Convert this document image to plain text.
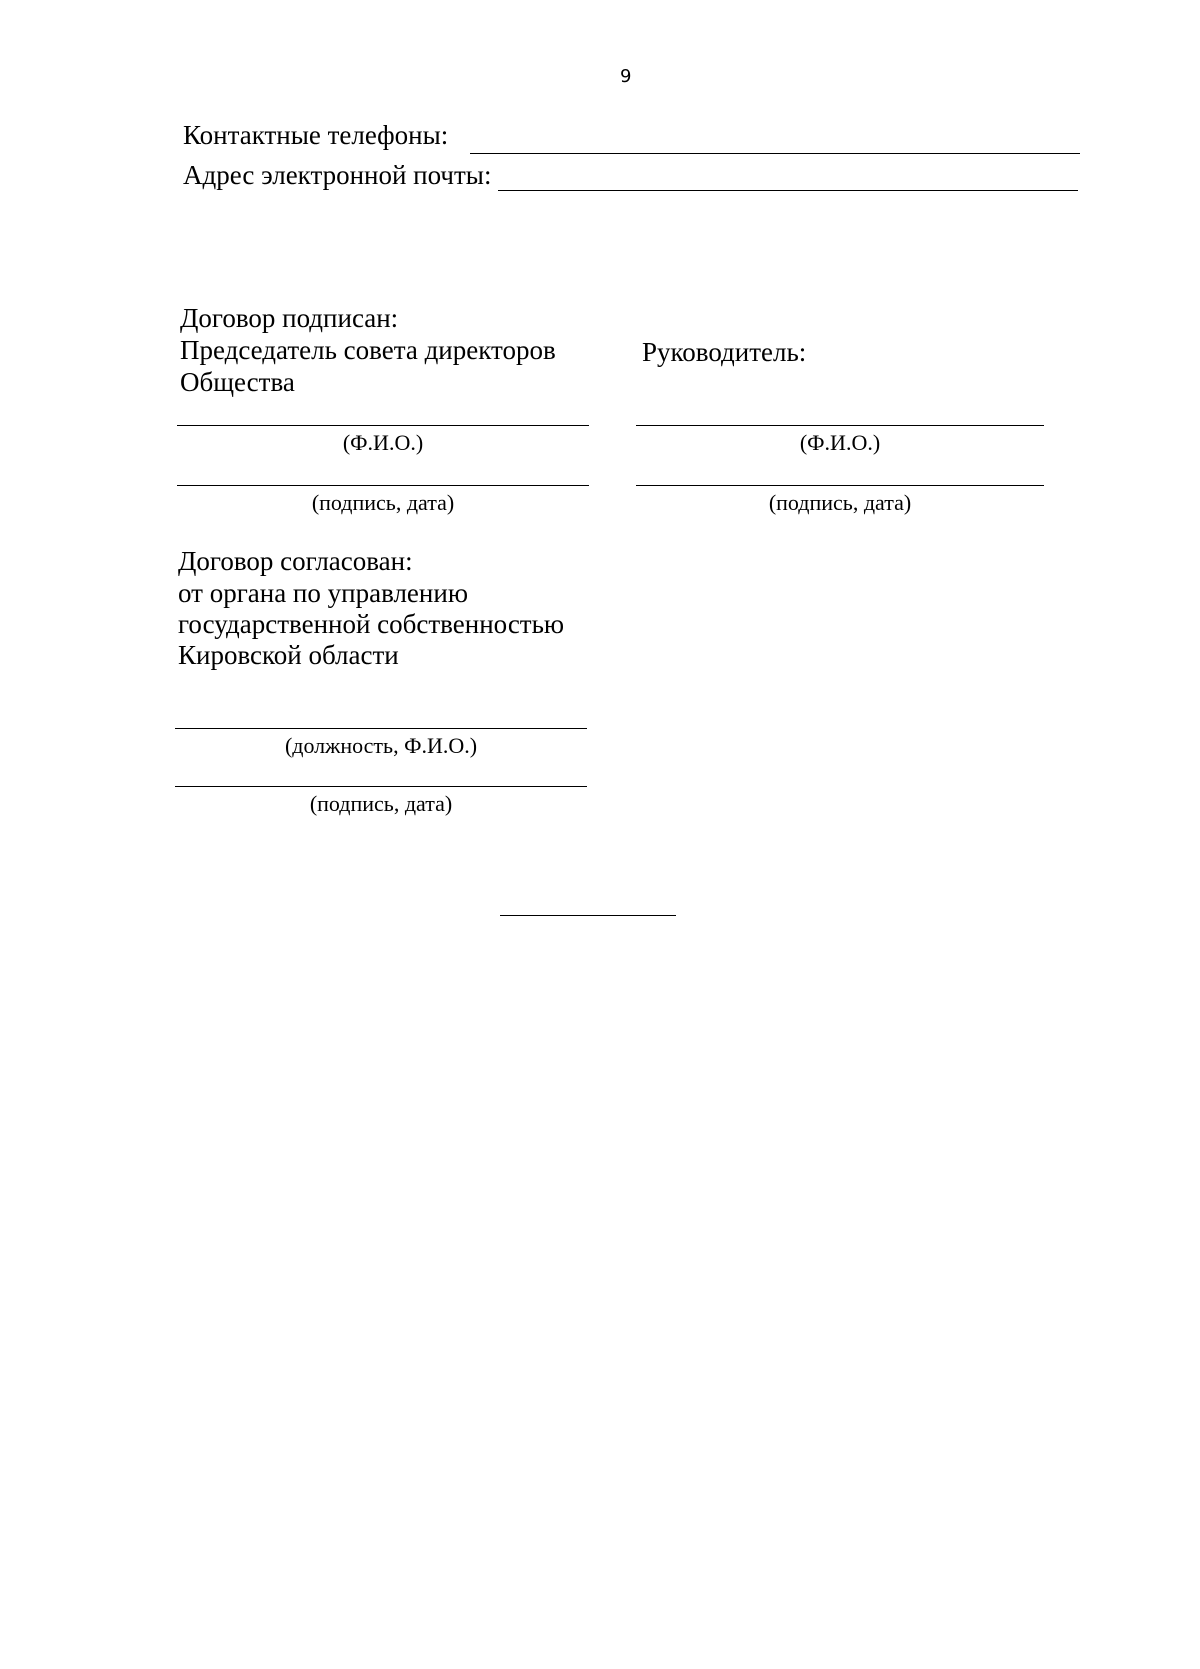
9
Контактные телефоны:
Адрес электронной почты:
Договор подписан:
Председатель совета директоров
Общества
Руководитель:
(Ф.И.О.)
(подпись, дата)
(Ф.И.О.)
(подпись, дата)
Договор согласован:
от органа по управлению
государственной собственностью
Кировской области
(должность, Ф.И.О.)
(подпись, дата)
